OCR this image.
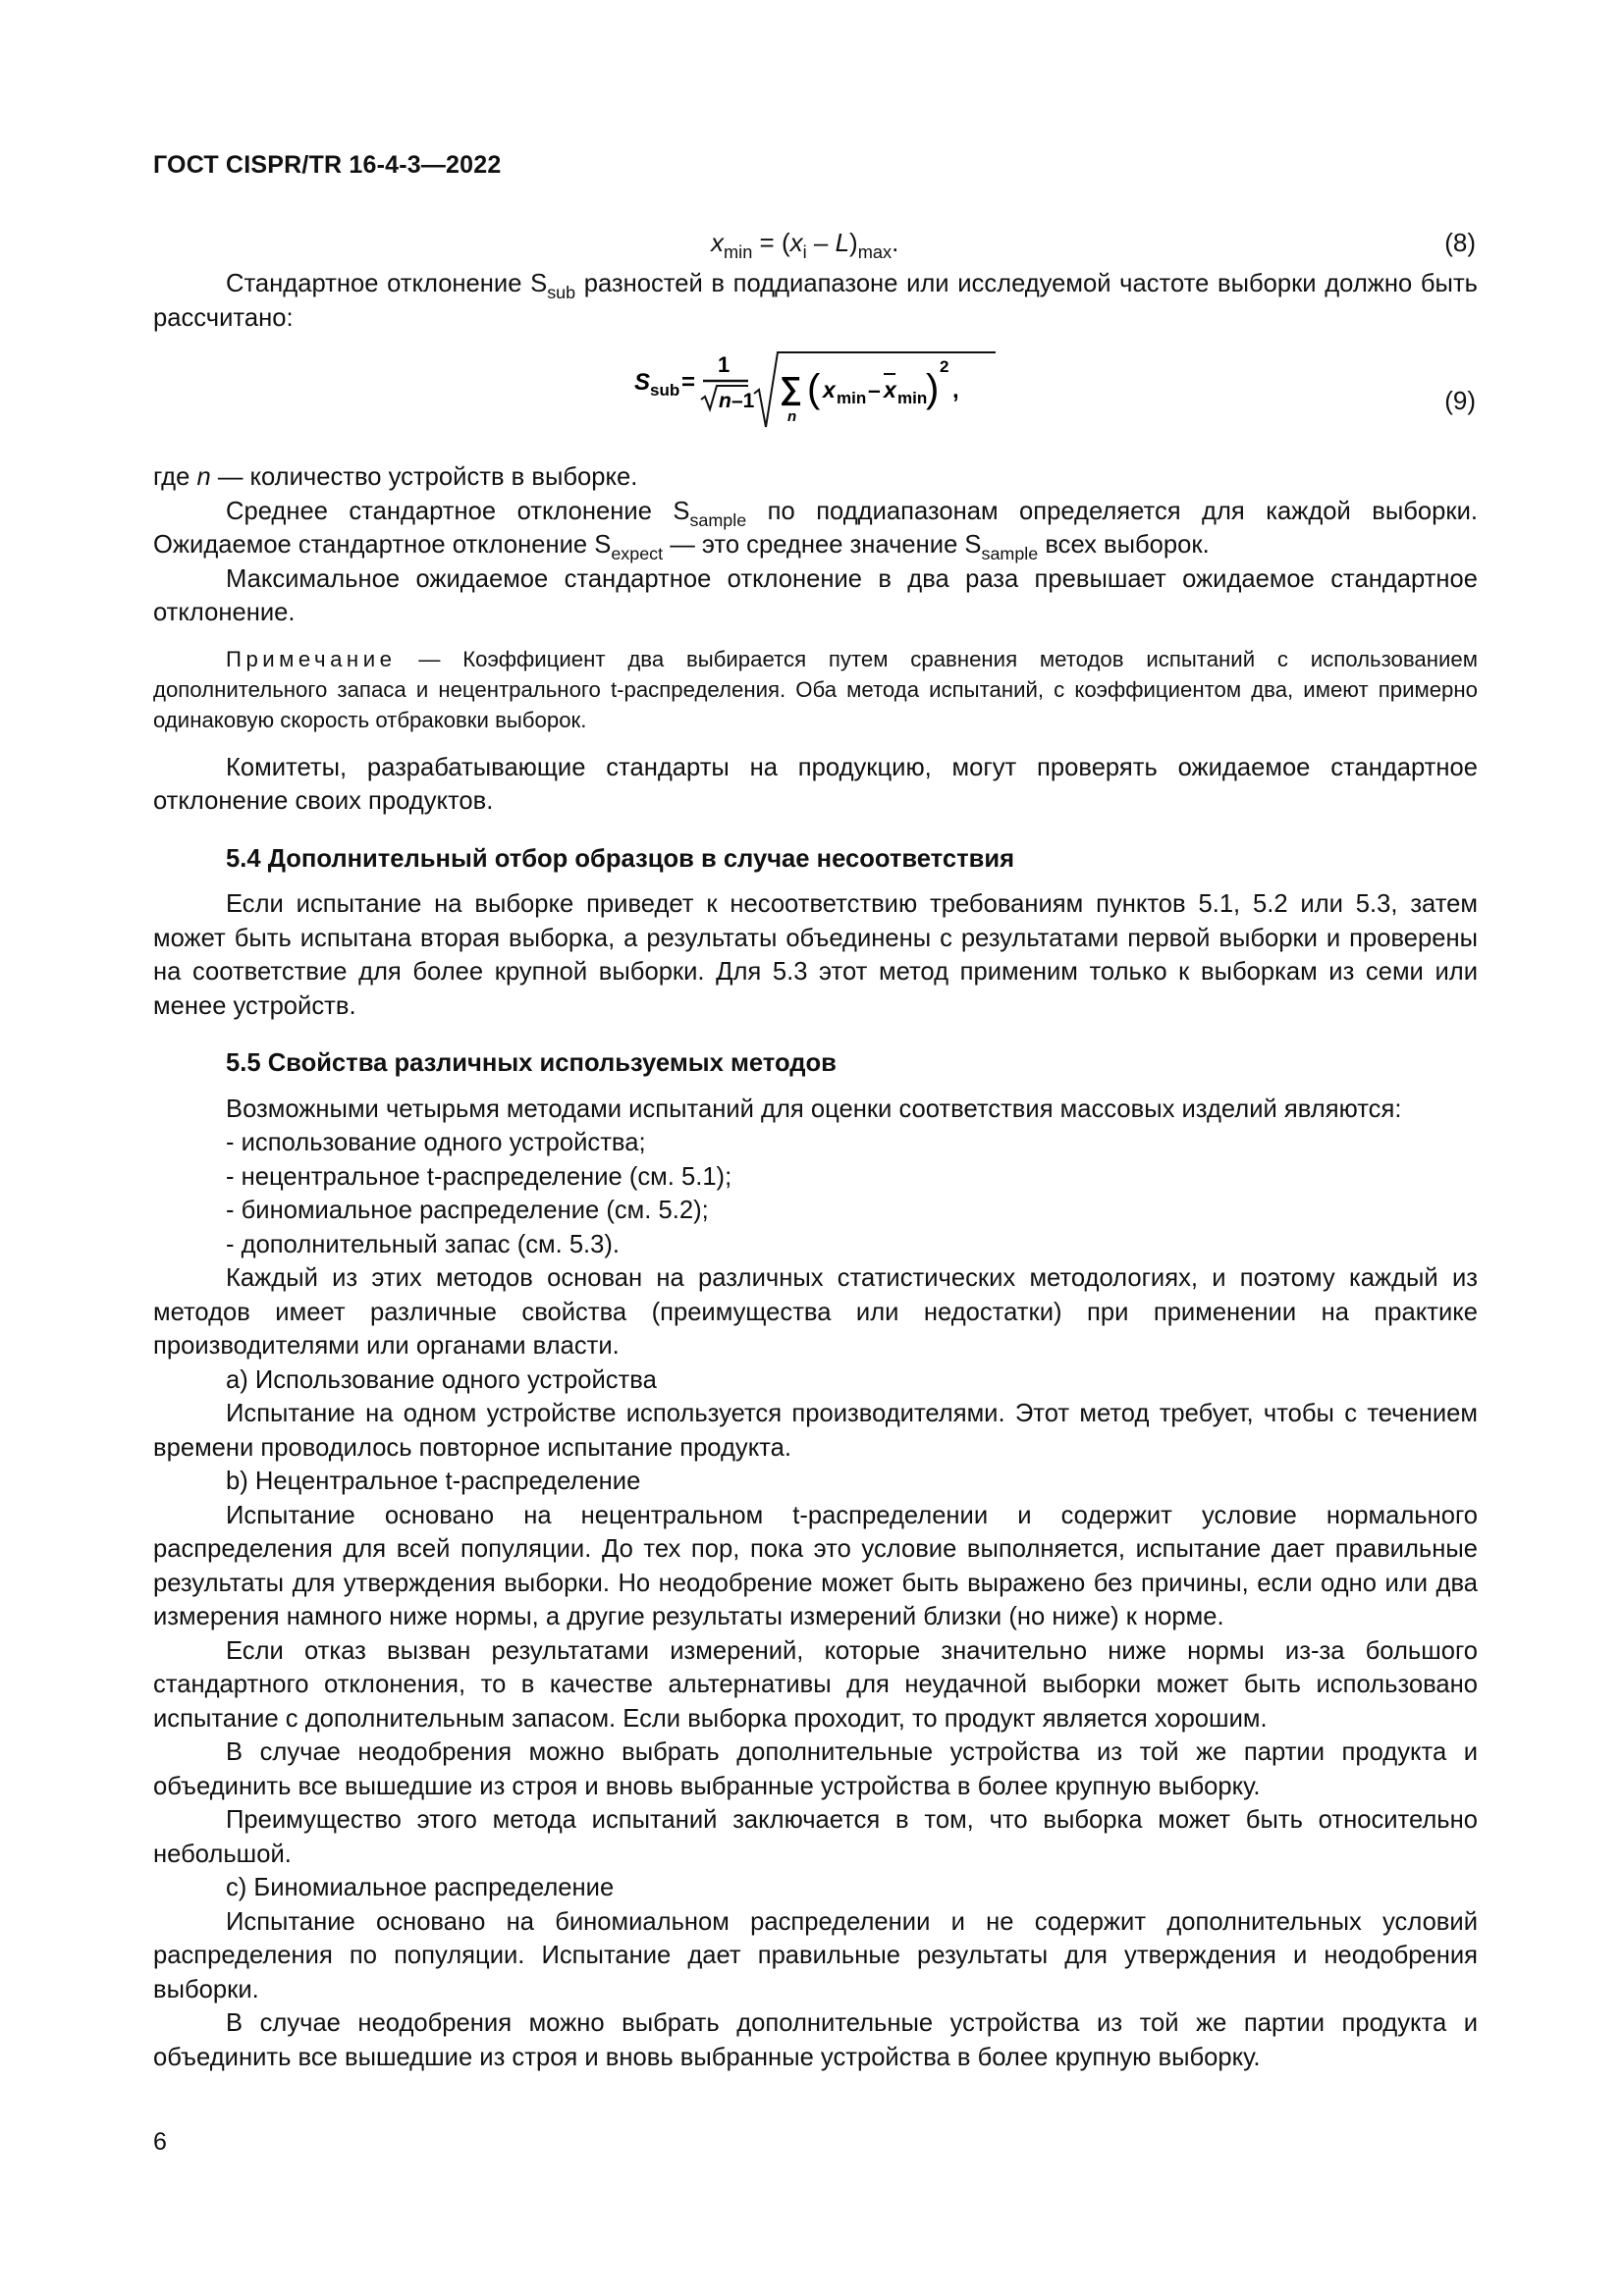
ГОСТ CISPR/TR 16-4-3—2022
$x_{min} = (x_i - L)_{max}$.	(8)

Стандартное отклонение $S_{sub}$ разностей в поддиапазоне или исследуемой частоте выборки должно быть рассчитано:

S sub =
1
n –1 ∑
n
( x min – x min
)
2
,	(9)

где n — количество устройств в выборке.

Среднее стандартное отклонение $S_{sample}$ по поддиапазонам определяется для каждой выборки. Ожидаемое стандартное отклонение $S_{expect}$ — это среднее значение $S_{sample}$ всех выборок.

Максимальное ожидаемое стандартное отклонение в два раза превышает ожидаемое стандартное отклонение.

Примечание — Коэффициент два выбирается путем сравнения методов испытаний с использованием дополнительного запаса и нецентрального t-распределения. Оба метода испытаний, с коэффициентом два, имеют примерно одинаковую скорость отбраковки выборок.

Комитеты, разрабатывающие стандарты на продукцию, могут проверять ожидаемое стандартное отклонение своих продуктов.

5.4 Дополнительный отбор образцов в случае несоответствия

Если испытание на выборке приведет к несоответствию требованиям пунктов 5.1, 5.2 или 5.3, затем может быть испытана вторая выборка, а результаты объединены с результатами первой выборки и проверены на соответствие для более крупной выборки. Для 5.3 этот метод применим только к выборкам из семи или менее устройств.

5.5 Свойства различных используемых методов

Возможными четырьмя методами испытаний для оценки соответствия массовых изделий являются:

- использование одного устройства;
- нецентральное t-распределение (см. 5.1);
- биномиальное распределение (см. 5.2);
- дополнительный запас (см. 5.3).

Каждый из этих методов основан на различных статистических методологиях, и поэтому каждый из методов имеет различные свойства (преимущества или недостатки) при применении на практике производителями или органами власти.

a) Использование одного устройства

Испытание на одном устройстве используется производителями. Этот метод требует, чтобы с течением времени проводилось повторное испытание продукта.

b) Нецентральное t-распределение

Испытание основано на нецентральном t-распределении и содержит условие нормального распределения для всей популяции. До тех пор, пока это условие выполняется, испытание дает правильные результаты для утверждения выборки. Но неодобрение может быть выражено без причины, если одно или два измерения намного ниже нормы, а другие результаты измерений близки (но ниже) к норме.

Если отказ вызван результатами измерений, которые значительно ниже нормы из-за большого стандартного отклонения, то в качестве альтернативы для неудачной выборки может быть использовано испытание с дополнительным запасом. Если выборка проходит, то продукт является хорошим.

В случае неодобрения можно выбрать дополнительные устройства из той же партии продукта и объединить все вышедшие из строя и вновь выбранные устройства в более крупную выборку.

Преимущество этого метода испытаний заключается в том, что выборка может быть относительно небольшой.

c) Биномиальное распределение

Испытание основано на биномиальном распределении и не содержит дополнительных условий распределения по популяции. Испытание дает правильные результаты для утверждения и неодобрения выборки.

В случае неодобрения можно выбрать дополнительные устройства из той же партии продукта и объединить все вышедшие из строя и вновь выбранные устройства в более крупную выборку.

6
